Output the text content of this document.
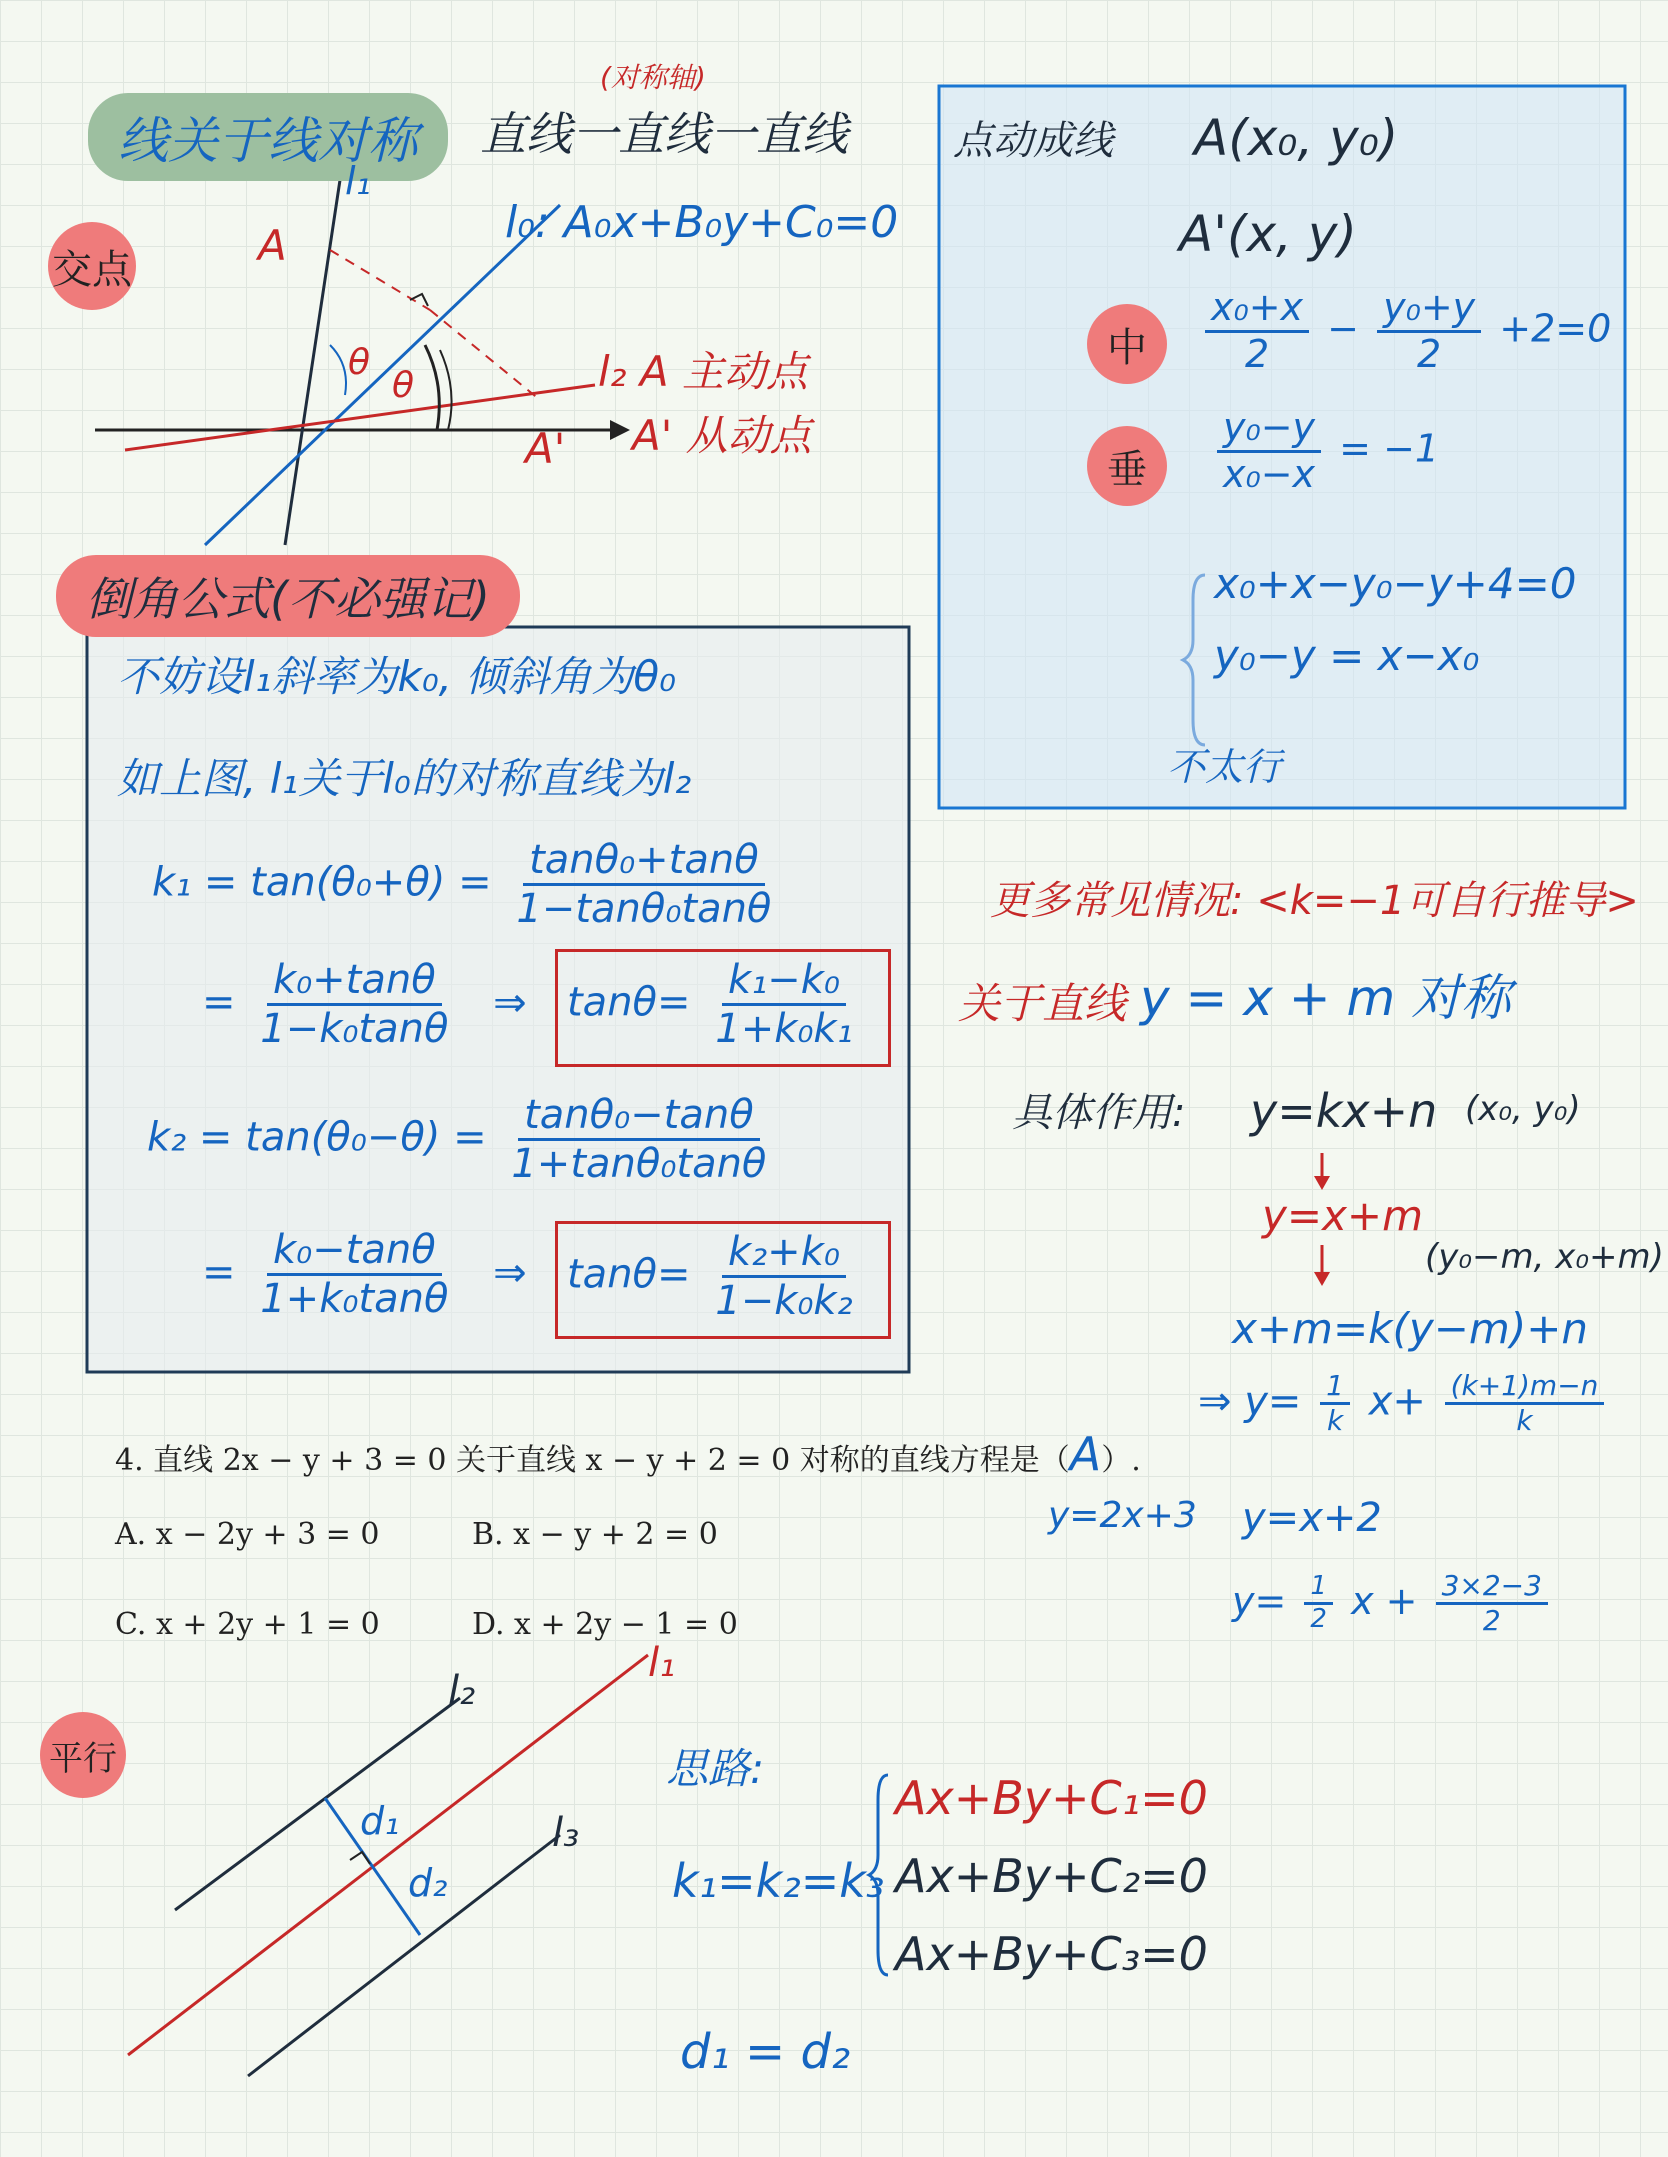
线关于线对称
(对称轴)
直线一直线一直线
交点	A
l₁
l₀: A₀x+B₀y+C₀=0
θ
θ	l₂ A 主动点
A' A' 从动点
点动成线 A(x₀, y₀)
A'(x, y)
中	$\frac{\text{x₀+x}}{2} - \frac{\text{y₀+y}}{2} +2=0$
垂	$\frac{\text{y₀−y}}{\text{x₀−x}} = -1$
x₀+x−y₀−y+4=0
y₀−y = x−x₀
不太行
倒角公式(不必强记)
不妨设l₁斜率为k₀, 倾斜角为θ₀
如上图, l₁关于l₀的对称直线为l₂
$k_1 = \tan(\theta_0+\theta) = \frac{\text{tanθ₀+tanθ}}{\text{1−tanθ₀tanθ}}$
= $\frac{\text{k₀+tanθ}}{\text{1−k₀tanθ}}$ ⇒ $\tan\theta= \frac{\text{k₁−k₀}}{\text{1+k₀k₁}}$
$k_2 = \tan(\theta_0-\theta) = \frac{\text{tanθ₀−tanθ}}{\text{1+tanθ₀tanθ}}$
= $\frac{\text{k₀−tanθ}}{\text{1+k₀tanθ}}$ ⇒ $\tan\theta= \frac{\text{k₂+k₀}}{\text{1−k₀k₂}}$
更多常见情况: <k=−1可自行推导>
关于直线 y = x + m 对称
具体作用: y=kx+n (x₀, y₀)
y=x+m
(y₀−m, x₀+m)
x+m=k(y−m)+n
⇒ $y= \frac{1}{k} x+ \frac{(k+1)m-n}{k}$
y=2x+3 y=x+2
$y= \frac{1}{2}$ $x + \frac{3\times 2-3}{2}$
4. 直线 2x − y + 3 = 0 关于直线 x − y + 2 = 0 对称的直线方程是（A）.
A. x − 2y + 3 = 0	B. x − y + 2 = 0
C. x + 2y + 1 = 0	D. x + 2y − 1 = 0
平行
l₂
l₁
l₃
d₁
d₂
思路:
k₁=k₂=k₃
Ax+By+C₁=0
Ax+By+C₂=0
Ax+By+C₃=0
d₁ = d₂
